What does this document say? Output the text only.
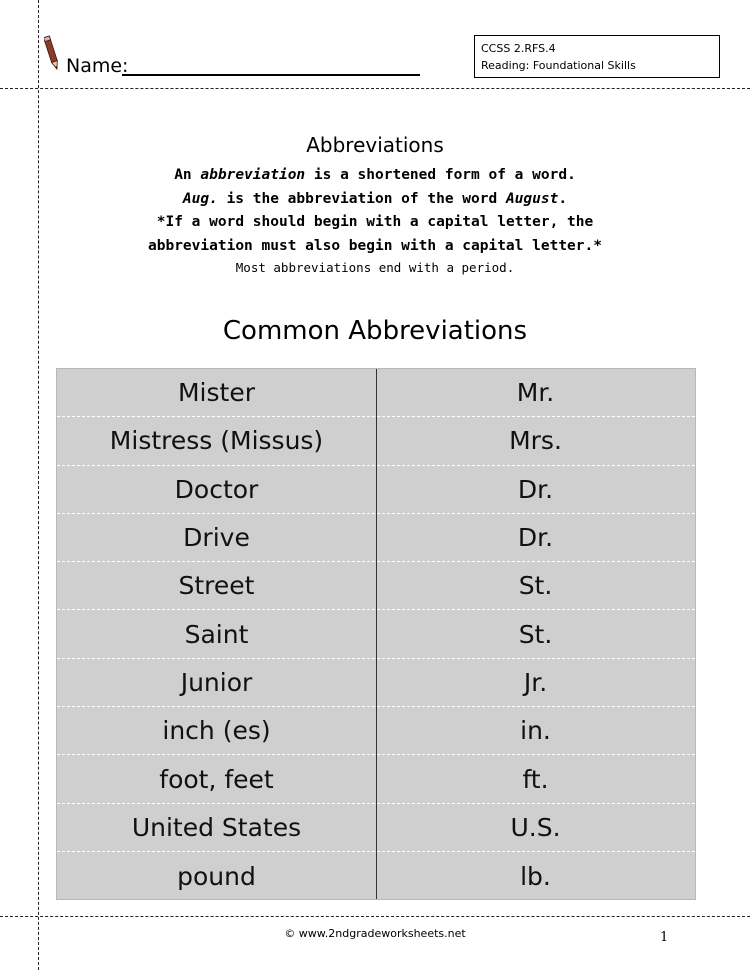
Name:
CCSS 2.RFS.4
Reading: Foundational Skills
Abbreviations
An abbreviation is a shortened form of a word.
Aug. is the abbreviation of the word August.
*If a word should begin with a capital letter, the
abbreviation must also begin with a capital letter.*
Most abbreviations end with a period.
Common Abbreviations
Mister	Mr.
Mistress (Missus)	Mrs.
Doctor	Dr.
Drive	Dr.
Street	St.
Saint	St.
Junior	Jr.
inch (es)	in.
foot, feet	ft.
United States	U.S.
pound	lb.
© www.2ndgradeworksheets.net	1
